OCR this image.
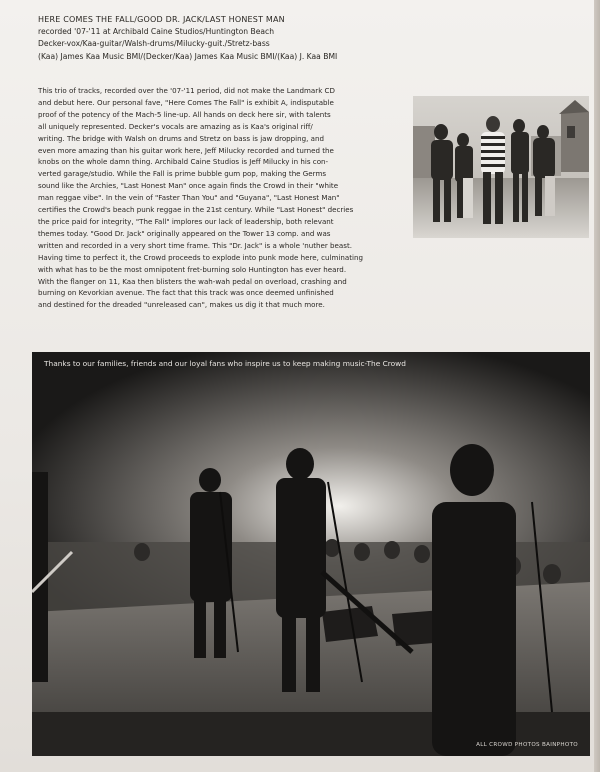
HERE COMES THE FALL/GOOD DR. JACK/LAST HONEST MAN
recorded '07-'11 at Archibald Caine Studios/Huntington Beach
Decker-vox/Kaa-guitar/Walsh-drums/Milucky-guit./Stretz-bass
(Kaa) James Kaa Music BMI/(Decker/Kaa) James Kaa Music BMI/(Kaa) J. Kaa BMI
This trio of tracks, recorded over the '07-'11 period, did not make the Landmark CD
and debut here. Our personal fave, "Here Comes The Fall" is exhibit A, indisputable
proof of the potency of the Mach-5 line-up. All hands on deck here sir, with talents
all uniquely represented. Decker's vocals are amazing as is Kaa's original riff/
writing. The bridge with Walsh on drums and Stretz on bass is jaw dropping, and
even more amazing than his guitar work here, Jeff Milucky recorded and turned the
knobs on the whole damn thing. Archibald Caine Studios is Jeff Milucky in his con-
verted garage/studio. While the Fall is prime bubble gum pop, making the Germs
sound like the Archies, "Last Honest Man" once again finds the Crowd in their "white
man reggae vibe". In the vein of "Faster Than You" and "Guyana", "Last Honest Man"
certifies the Crowd's beach punk reggae in the 21st century. While "Last Honest" decries
the price paid for integrity, "The Fall" implores our lack of leadership, both relevant
themes today. "Good Dr. Jack" originally appeared on the Tower 13 comp. and was
written and recorded in a very short time frame. This "Dr. Jack" is a whole 'nuther beast.
Having time to perfect it, the Crowd proceeds to explode into punk mode here, culminating
with what has to be the most omnipotent fret-burning solo Huntington has ever heard.
With the flanger on 11, Kaa then blisters the wah-wah pedal on overload, crashing and
burning on Kevorkian avenue. The fact that this track was once deemed unfinished
and destined for the dreaded "unreleased can", makes us dig it that much more.
Thanks to our families, friends and our loyal fans who inspire us to keep making music-The Crowd
ALL CROWD PHOTOS BAINPHOTO
